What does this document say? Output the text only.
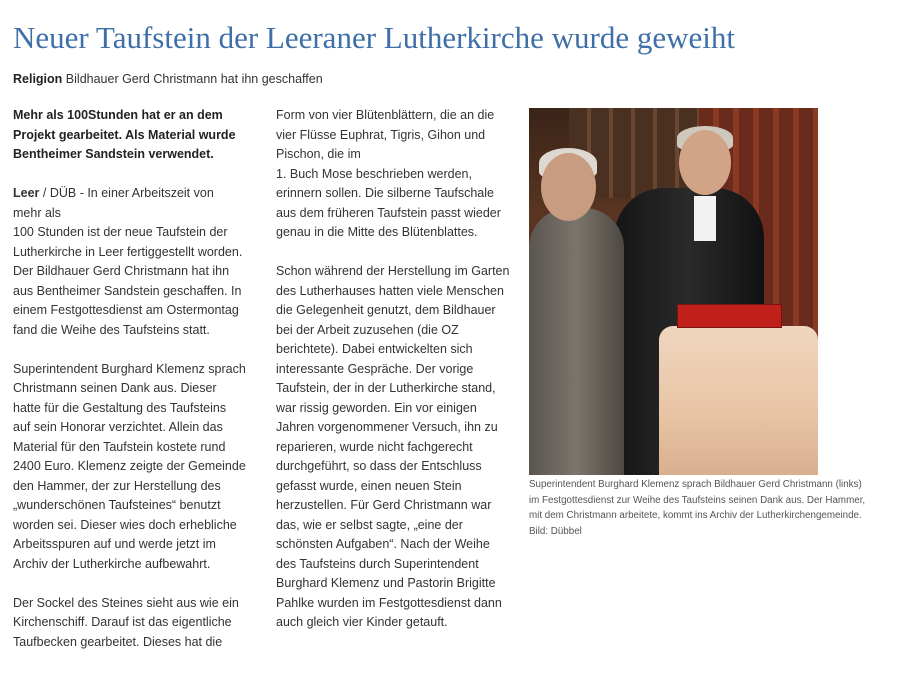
Neuer Taufstein der Leeraner Lutherkirche wurde geweiht
Religion Bildhauer Gerd Christmann hat ihn geschaffen

Mehr als 100Stunden hat er an dem
Projekt gearbeitet. Als Material wurde
Bentheimer Sandstein verwendet.

Leer / DÜB - In einer Arbeitszeit von
mehr als
100 Stunden ist der neue Taufstein der
Lutherkirche in Leer fertiggestellt worden.
Der Bildhauer Gerd Christmann hat ihn
aus Bentheimer Sandstein geschaffen. In
einem Festgottesdienst am Ostermontag
fand die Weihe des Taufsteins statt.

Superintendent Burghard Klemenz sprach
Christmann seinen Dank aus. Dieser
hatte für die Gestaltung des Taufsteins
auf sein Honorar verzichtet. Allein das
Material für den Taufstein kostete rund
2400 Euro. Klemenz zeigte der Gemeinde
den Hammer, der zur Herstellung des
„wunderschönen Taufsteines“ benutzt
worden sei. Dieser wies doch erhebliche
Arbeitsspuren auf und werde jetzt im
Archiv der Lutherkirche aufbewahrt.

Der Sockel des Steines sieht aus wie ein
Kirchenschiff. Darauf ist das eigentliche
Taufbecken gearbeitet. Dieses hat die

Form von vier Blütenblättern, die an die
vier Flüsse Euphrat, Tigris, Gihon und
Pischon, die im
1. Buch Mose beschrieben werden,
erinnern sollen. Die silberne Taufschale
aus dem früheren Taufstein passt wieder
genau in die Mitte des Blütenblattes.

Schon während der Herstellung im Garten
des Lutherhauses hatten viele Menschen
die Gelegenheit genutzt, dem Bildhauer
bei der Arbeit zuzusehen (die OZ
berichtete). Dabei entwickelten sich
interessante Gespräche. Der vorige
Taufstein, der in der Lutherkirche stand,
war rissig geworden. Ein vor einigen
Jahren vorgenommener Versuch, ihn zu
reparieren, wurde nicht fachgerecht
durchgeführt, so dass der Entschluss
gefasst wurde, einen neuen Stein
herzustellen. Für Gerd Christmann war
das, wie er selbst sagte, „eine der
schönsten Aufgaben“. Nach der Weihe
des Taufsteins durch Superintendent
Burghard Klemenz und Pastorin Brigitte
Pahlke wurden im Festgottesdienst dann
auch gleich vier Kinder getauft.

Superintendent Burghard Klemenz sprach Bildhauer Gerd Christmann (links)
im Festgottesdienst zur Weihe des Taufsteins seinen Dank aus. Der Hammer,
mit dem Christmann arbeitete, kommt ins Archiv der Lutherkirchengemeinde.
Bild: Dübbel
